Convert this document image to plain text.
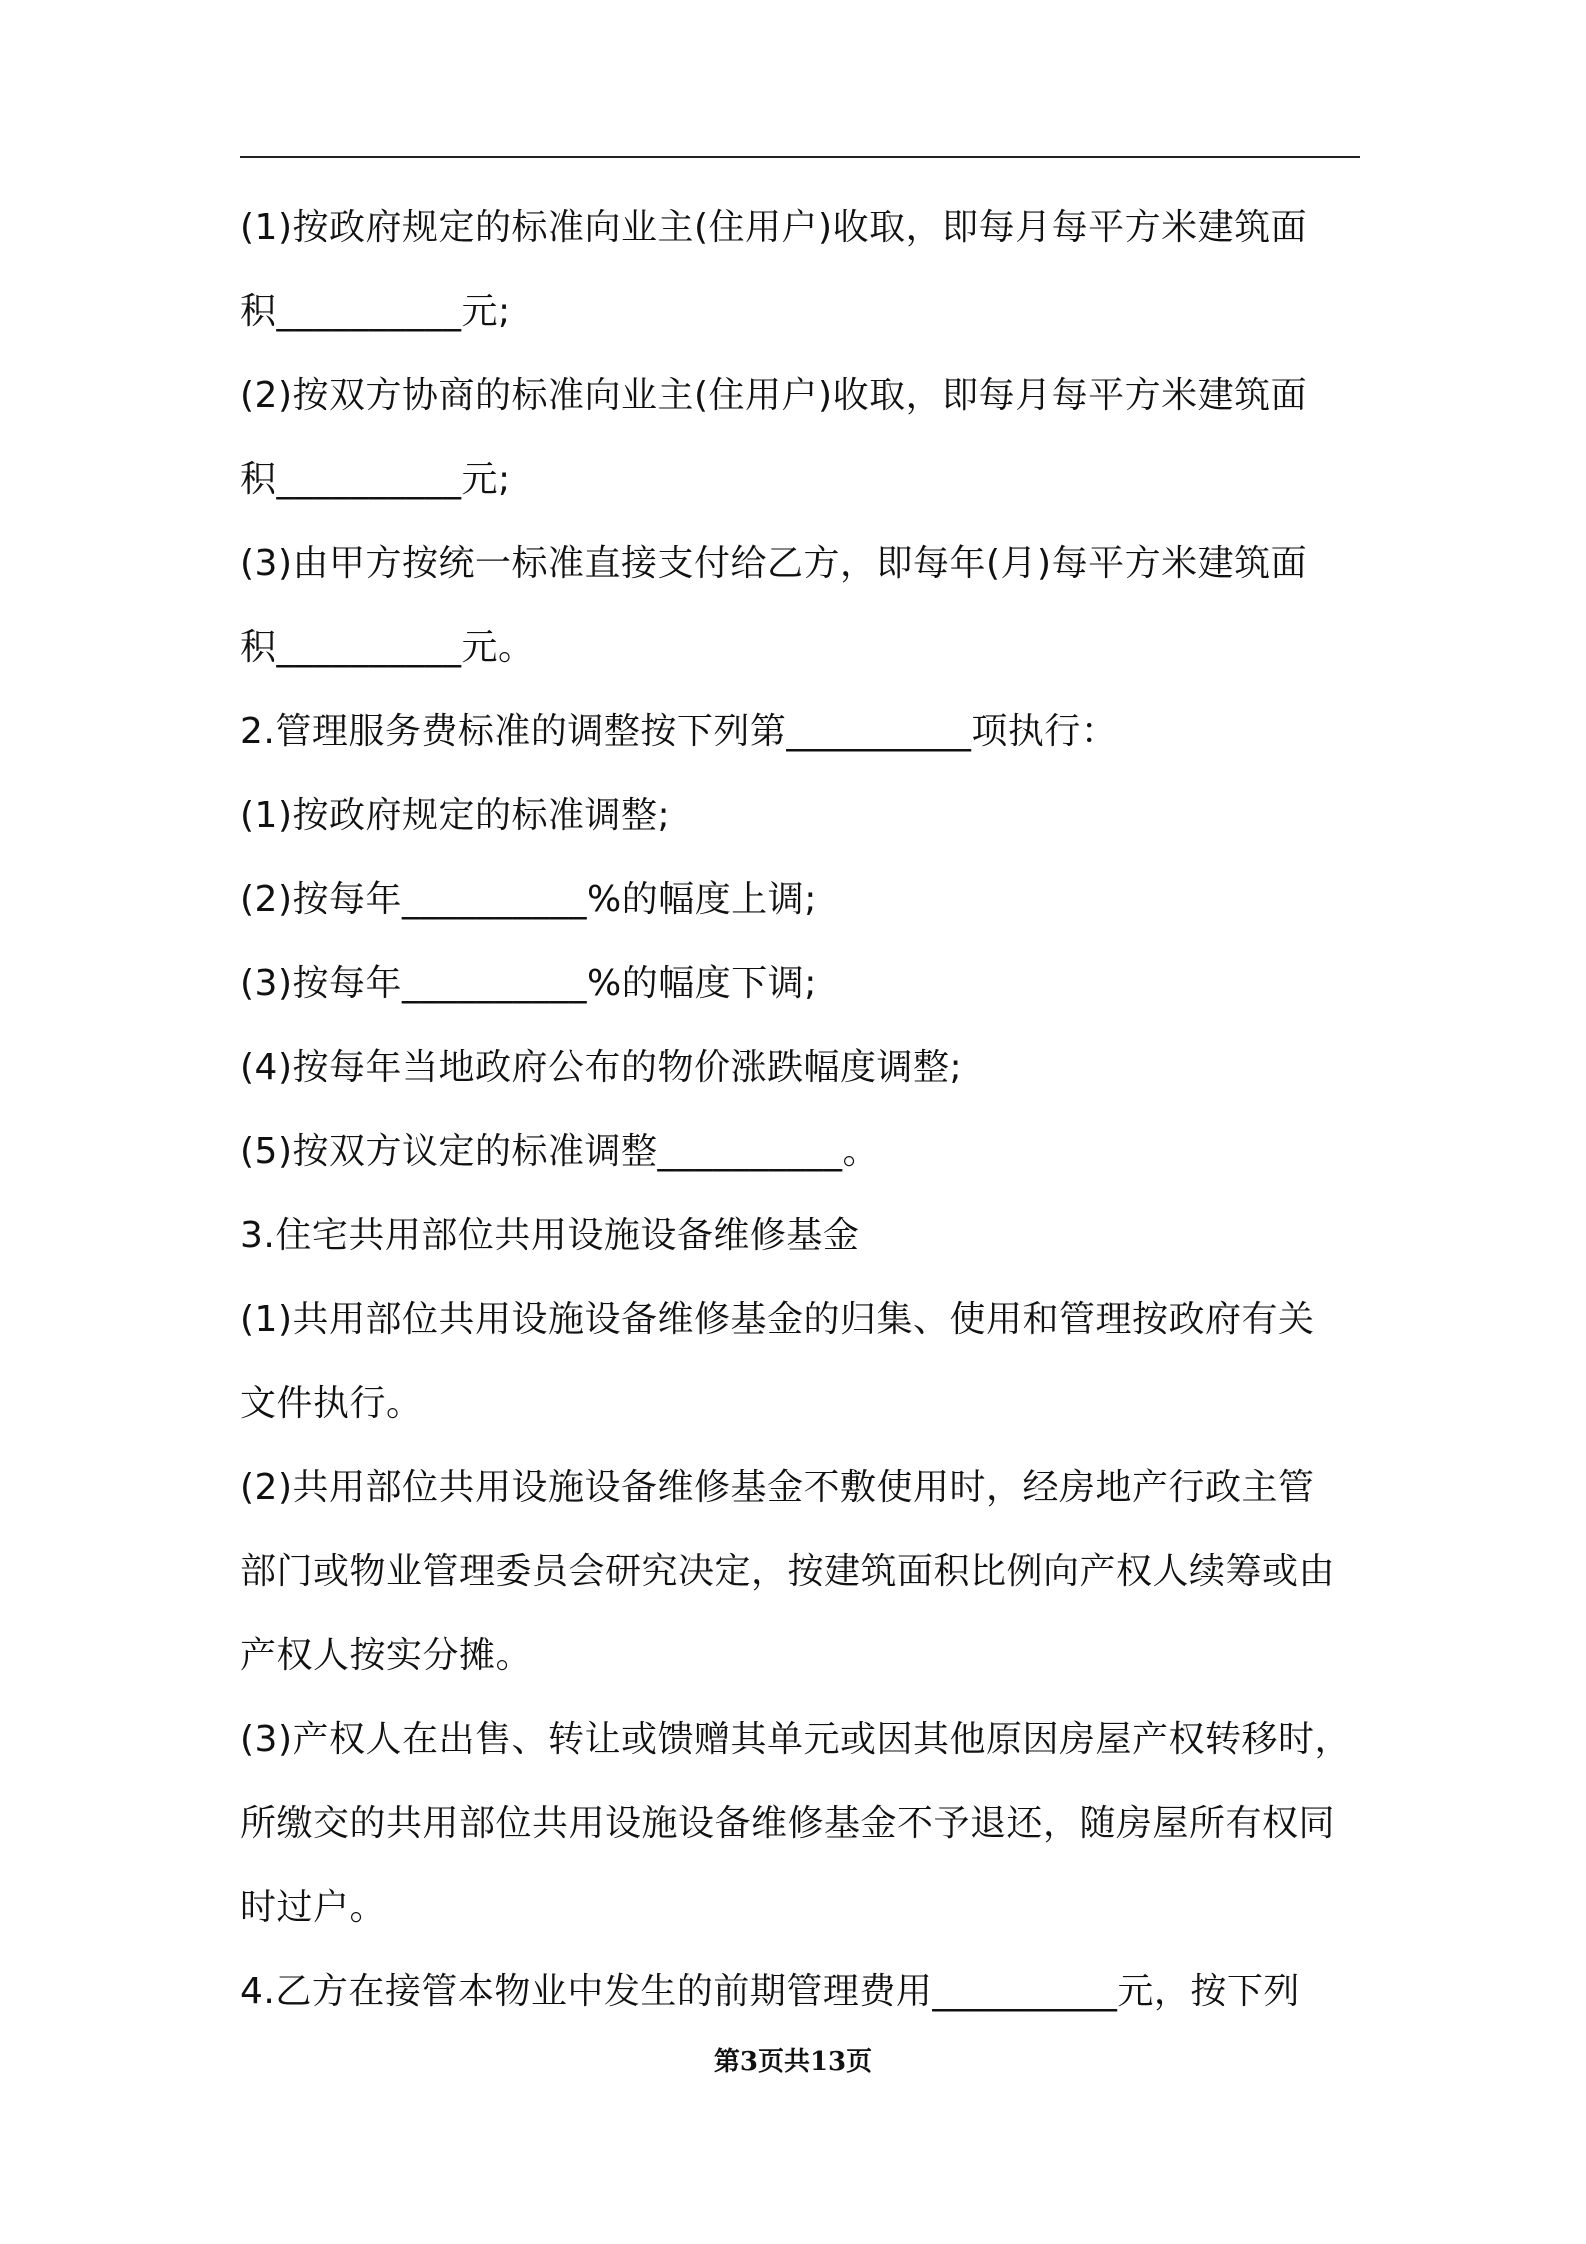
(1)按政府规定的标准向业主(住用户)收取，即每月每平方米建筑面
积__________元;
(2)按双方协商的标准向业主(住用户)收取，即每月每平方米建筑面
积__________元;
(3)由甲方按统一标准直接支付给乙方，即每年(月)每平方米建筑面
积__________元。
2.管理服务费标准的调整按下列第__________项执行：
(1)按政府规定的标准调整;
(2)按每年__________%的幅度上调;
(3)按每年__________%的幅度下调;
(4)按每年当地政府公布的物价涨跌幅度调整;
(5)按双方议定的标准调整__________。
3.住宅共用部位共用设施设备维修基金
(1)共用部位共用设施设备维修基金的归集、使用和管理按政府有关
文件执行。
(2)共用部位共用设施设备维修基金不敷使用时，经房地产行政主管
部门或物业管理委员会研究决定，按建筑面积比例向产权人续筹或由
产权人按实分摊。
(3)产权人在出售、转让或馈赠其单元或因其他原因房屋产权转移时，
所缴交的共用部位共用设施设备维修基金不予退还，随房屋所有权同
时过户。
4.乙方在接管本物业中发生的前期管理费用__________元，按下列
第3页共13页
